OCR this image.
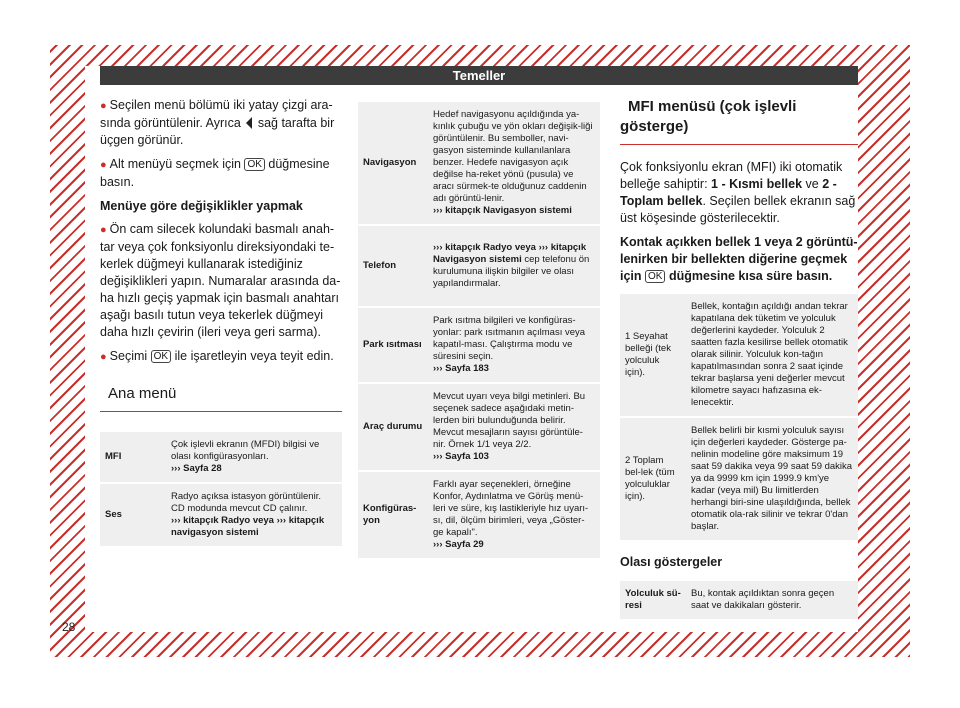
Temeller
28

● Seçilen menü bölümü iki yatay çizgi ara-sında görüntülenir. Ayrıca sağ tarafta bir üçgen görünür.

● Alt menüyü seçmek için OK düğmesine basın.

Menüye göre değişiklikler yapmak

● Ön cam silecek kolundaki basmalı anah-tar veya çok fonksiyonlu direksiyondaki te-kerlek düğmeyi kullanarak istediğiniz değişiklikleri yapın. Numaralar arasında da-ha hızlı geçiş yapmak için basmalı anahtarı aşağı basılı tutun veya tekerlek düğmeyi daha hızlı çevirin (ileri veya geri sarma).

● Seçimi OK ile işaretleyin veya teyit edin.

Ana menü
MFI	Çok işlevli ekranın (MFDI) bilgisi ve olası konfigürasyonları.
››› Sayfa 28
Ses	Radyo açıksa istasyon görüntülenir. CD modunda mevcut CD çalınır.
››› kitapçık Radyo veya ››› kitapçık navigasyon sistemi
Navigasyon	Hedef navigasyonu açıldığında ya-kınlık çubuğu ve yön okları değişik-liği görüntülenir. Bu semboller, navi-gasyon sisteminde kullanılanlara benzer. Hedefe navigasyon açık değilse ha-reket yönü (pusula) ve aracı sürmek-te olduğunuz caddenin adı görüntü-lenir.
››› kitapçık Navigasyon sistemi
Telefon	››› kitapçık Radyo veya ››› kitapçık Navigasyon sistemi cep telefonu ön kurulumuna ilişkin bilgiler ve olası yapılandırmalar.
Park ısıtması	Park ısıtma bilgileri ve konfigüras-yonlar: park ısıtmanın açılması veya kapatıl-ması. Çalıştırma modu ve süresini seçin.
››› Sayfa 183
Araç durumu	Mevcut uyarı veya bilgi metinleri. Bu seçenek sadece aşağıdaki metin-lerden biri bulunduğunda belirir. Mevcut mesajların sayısı görüntüle-nir. Örnek 1/1 veya 2/2.
››› Sayfa 103
Konfigüras-yon	Farklı ayar seçenekleri, örneğine Konfor, Aydınlatma ve Görüş menü-leri ve süre, kış lastikleriyle hız uyarı-sı, dil, ölçüm birimleri, veya „Göster-ge kapalı".
››› Sayfa 29
MFI menüsü (çok işlevli gösterge)

Çok fonksiyonlu ekran (MFI) iki otomatik belleğe sahiptir: 1 - Kısmi bellek ve 2 - Toplam bellek. Seçilen bellek ekranın sağ üst köşesinde gösterilecektir.

Kontak açıkken bellek 1 veya 2 görüntü-lenirken bir bellekten diğerine geçmek için OK düğmesine kısa süre basın.

1 Seyahat belleği (tek yolculuk için).	Bellek, kontağın açıldığı andan tekrar kapatılana dek tüketim ve yolculuk değerlerini kaydeder. Yolculuk 2 saatten fazla kesilirse bellek otomatik olarak silinir. Yolculuk kon-tağın kapatılmasından sonra 2 saat içinde tekrar başlarsa yeni değerler mevcut kilometre sayacı hafızasına ek-lenecektir.
2 Toplam bel-lek (tüm yolculuklar için).	Bellek belirli bir kısmi yolculuk sayısı için değerleri kaydeder. Gösterge pa-nelinin modeline göre maksimum 19 saat 59 dakika veya 99 saat 59 dakika ya da 9999 km için 1999.9 km'ye kadar (veya mil) Bu limitlerden herhangi biri-sine ulaşıldığında, bellek otomatik ola-rak silinir ve tekrar 0'dan başlar.

Olası göstergeler

Yolculuk sü-resi	Bu, kontak açıldıktan sonra geçen saat ve dakikaları gösterir.
